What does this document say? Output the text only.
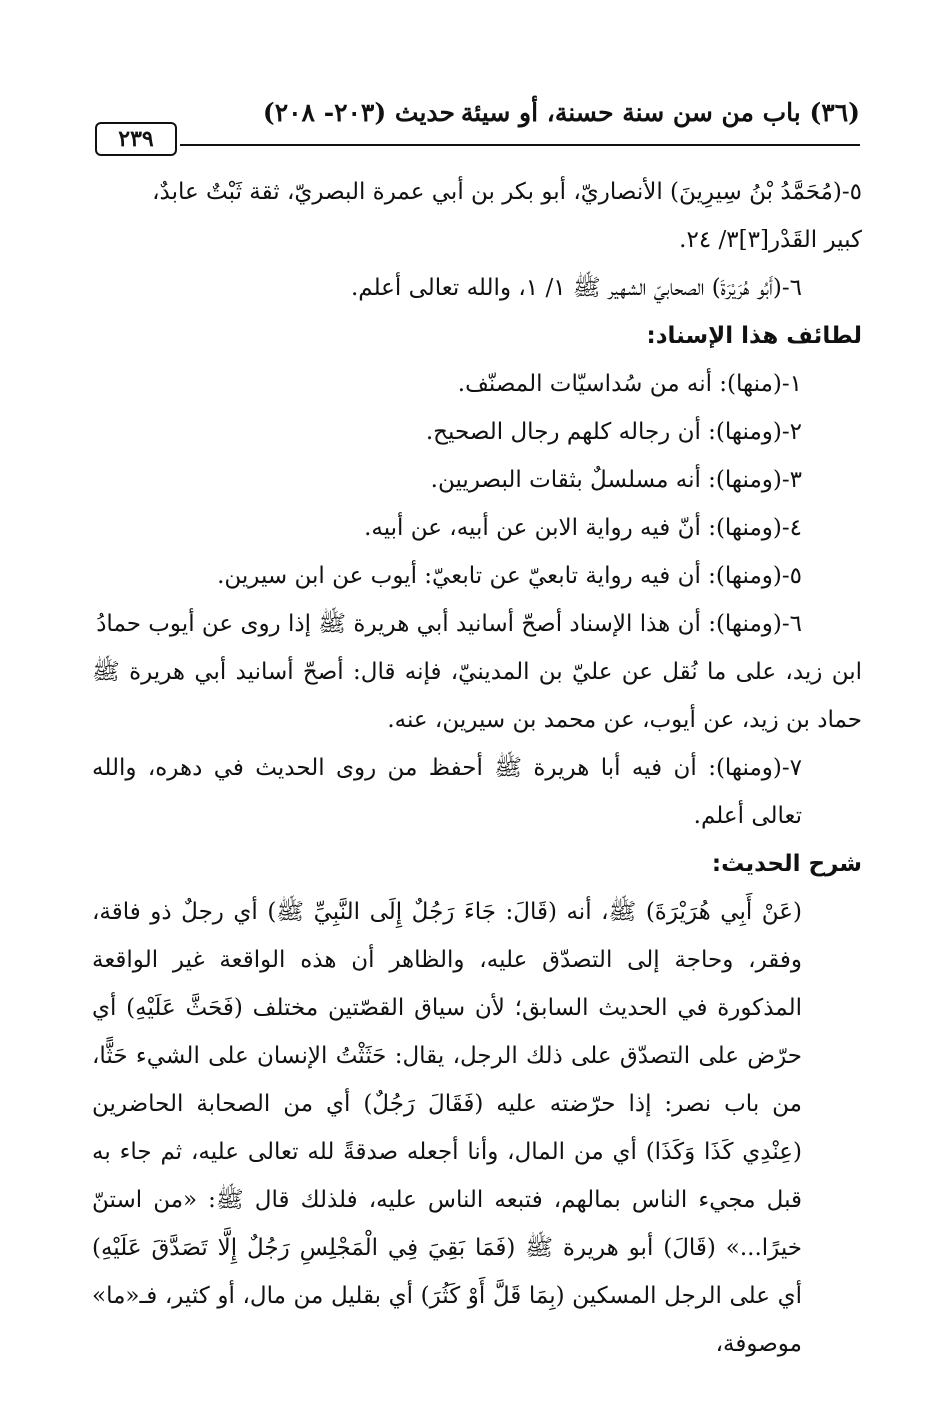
(٣٦) باب من سن سنة حسنة، أو سيئة
حديث (٢٠٣- ٢٠٨)
٢٣٩

٥-(مُحَمَّدُ بْنُ سِيرِينَ) الأنصاريّ، أبو بكر بن أبي عمرة البصريّ، ثقة ثَبْتٌ عابدٌ،

كبير القَدْر[٣]٣/ ٢٤.

٦-(أَبُو هُرَيْرَةَ) الصحابيّ الشهير ﷺ ١/ ١، والله تعالى أعلم.

لطائف هذا الإسناد:

١-(منها): أنه من سُداسيّات المصنّف.

٢-(ومنها): أن رجاله كلهم رجال الصحيح.

٣-(ومنها): أنه مسلسلٌ بثقات البصريين.

٤-(ومنها): أنّ فيه رواية الابن عن أبيه، عن أبيه.

٥-(ومنها): أن فيه رواية تابعيّ عن تابعيّ: أيوب عن ابن سيرين.

٦-(ومنها): أن هذا الإسناد أصحّ أسانيد أبي هريرة ﷺ إذا روى عن أيوب حمادُ

ابن زيد، على ما نُقل عن عليّ بن المدينيّ، فإنه قال: أصحّ أسانيد أبي هريرة ﷺ حماد بن زيد، عن أيوب، عن محمد بن سيرين، عنه.

٧-(ومنها): أن فيه أبا هريرة ﷺ أحفظ من روى الحديث في دهره، والله تعالى أعلم.

شرح الحديث:

(عَنْ أَبِي هُرَيْرَةَ) ﷺ، أنه (قَالَ: جَاءَ رَجُلٌ إِلَى النَّبِيِّ ﷺ) أي رجلٌ ذو فاقة، وفقر، وحاجة إلى التصدّق عليه، والظاهر أن هذه الواقعة غير الواقعة المذكورة في الحديث السابق؛ لأن سياق القصّتين مختلف (فَحَثَّ عَلَيْهِ) أي حرّض على التصدّق على ذلك الرجل، يقال: حَثَثْتُ الإنسان على الشيء حَثًّا، من باب نصر: إذا حرّضته عليه (فَقَالَ رَجُلٌ) أي من الصحابة الحاضرين (عِنْدِي كَذَا وَكَذَا) أي من المال، وأنا أجعله صدقةً لله تعالى عليه، ثم جاء به قبل مجيء الناس بمالهم، فتبعه الناس عليه، فلذلك قال ﷺ: «من استنّ خيرًا...» (قَالَ) أبو هريرة ﷺ (فَمَا بَقِيَ فِي الْمَجْلِسِ رَجُلٌ إِلَّا تَصَدَّقَ عَلَيْهِ) أي على الرجل المسكين (بِمَا قَلَّ أَوْ كَثُرَ) أي بقليل من مال، أو كثير، فـ«ما» موصوفة،
